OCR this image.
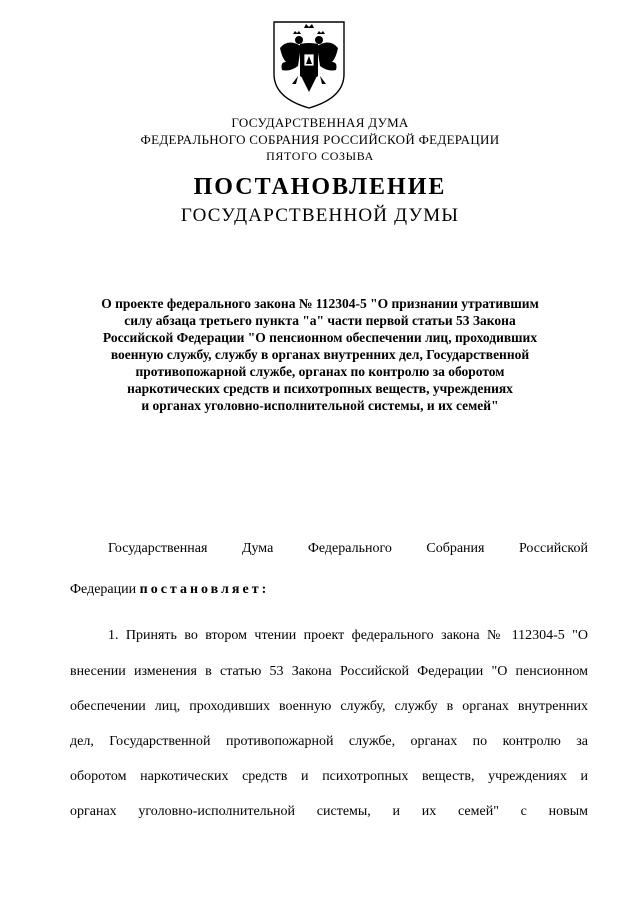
ГОСУДАРСТВЕННАЯ ДУМА
ФЕДЕРАЛЬНОГО СОБРАНИЯ РОССИЙСКОЙ ФЕДЕРАЦИИ
ПЯТОГО СОЗЫВА
ПОСТАНОВЛЕНИЕ
ГОСУДАРСТВЕННОЙ ДУМЫ
О проекте федерального закона № 112304-5 "О признании утратившим
силу абзаца третьего пункта "а" части первой статьи 53 Закона
Российской Федерации "О пенсионном обеспечении лиц, проходивших
военную службу, службу в органах внутренних дел, Государственной
противопожарной службе, органах по контролю за оборотом
наркотических средств и психотропных веществ, учреждениях
и органах уголовно-исполнительной системы, и их семей"
Государственная Дума Федерального Собрания Российской
Федерации постановляет:
1. Принять во втором чтении проект федерального закона № 112304-5 "О
внесении изменения в статью 53 Закона Российской Федерации "О пенсионном
обеспечении лиц, проходивших военную службу, службу в органах внутренних
дел, Государственной противопожарной службе, органах по контролю за
оборотом наркотических средств и психотропных веществ, учреждениях и
органах уголовно-исполнительной системы, и их семей" с новым
